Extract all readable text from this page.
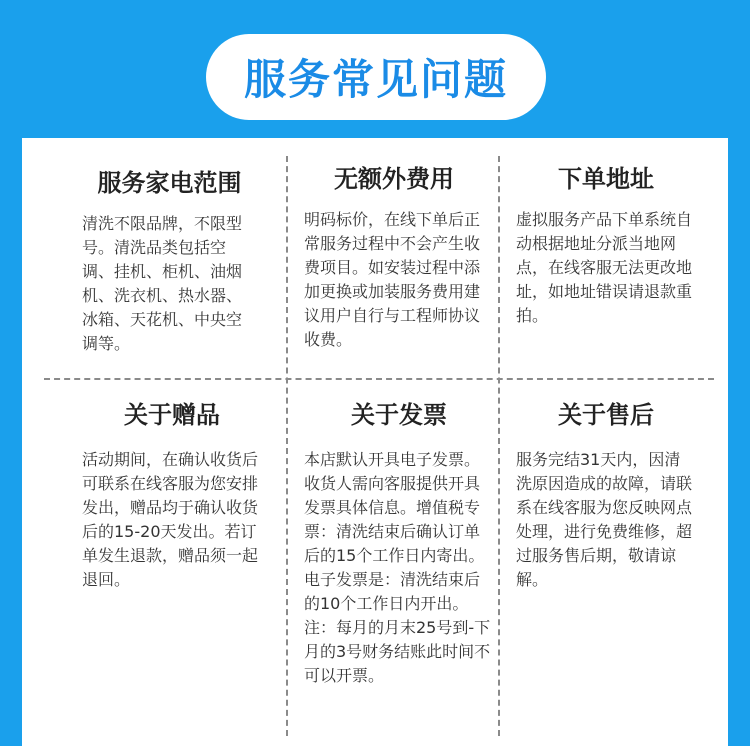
服务常见问题
服务家电范围

清洗不限品牌，不限型号。清洗品类包括空调、挂机、柜机、油烟机、洗衣机、热水器、冰箱、天花机、中央空调等。

无额外费用

明码标价，在线下单后正常服务过程中不会产生收费项目。如安装过程中添加更换或加装服务费用建议用户自行与工程师协议收费。

下单地址

虚拟服务产品下单系统自动根据地址分派当地网点，在线客服无法更改地址，如地址错误请退款重拍。

关于赠品

活动期间，在确认收货后可联系在线客服为您安排发出，赠品均于确认收货后的15-20天发出。若订单发生退款，赠品须一起退回。

关于发票

本店默认开具电子发票。收货人需向客服提供开具发票具体信息。增值税专票：清洗结束后确认订单后的15个工作日内寄出。电子发票是：清洗结束后的10个工作日内开出。注：每月的月末25号到-下月的3号财务结账此时间不可以开票。

关于售后

服务完结31天内，因清洗原因造成的故障，请联系在线客服为您反映网点处理，进行免费维修，超过服务售后期，敬请谅解。
